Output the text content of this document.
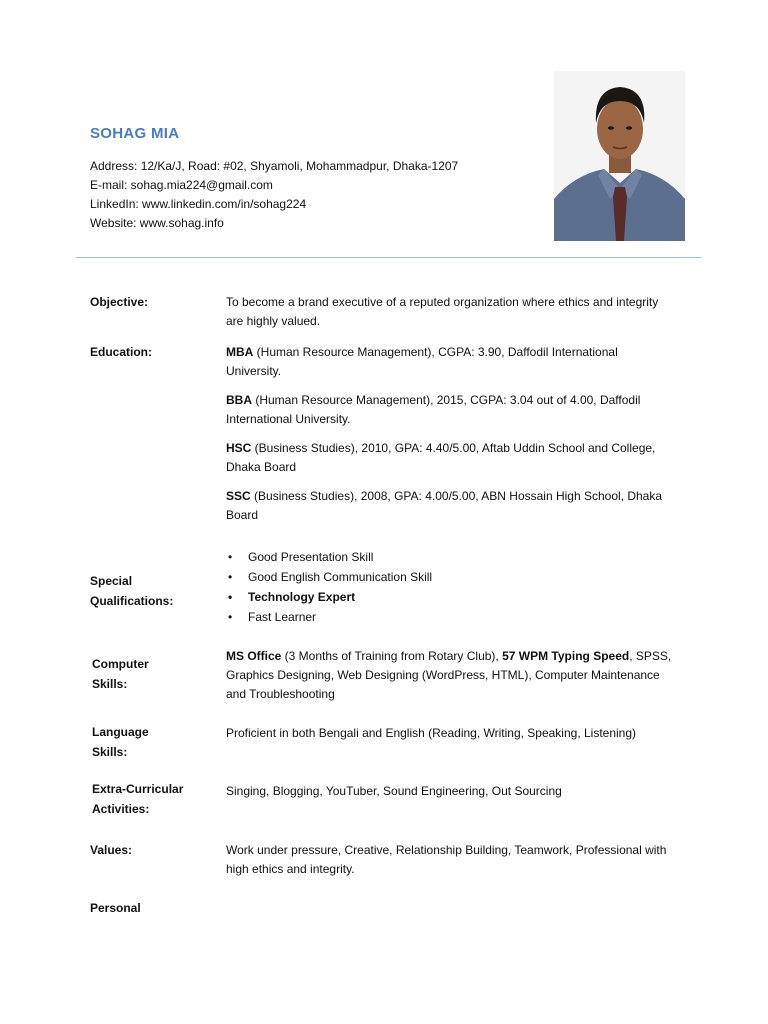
SOHAG MIA
Address: 12/Ka/J, Road: #02, Shyamoli, Mohammadpur, Dhaka-1207
E-mail: sohag.mia224@gmail.com
LinkedIn: www.linkedin.com/in/sohag224
Website: www.sohag.info
Objective:	To become a brand executive of a reputed organization where ethics and integrity are highly valued.

Education:	MBA (Human Resource Management), CGPA: 3.90, Daffodil International University.

BBA (Human Resource Management), 2015, CGPA: 3.04 out of 4.00, Daffodil International University.

HSC (Business Studies), 2010, GPA: 4.40/5.00, Aftab Uddin School and College, Dhaka Board

SSC (Business Studies), 2008, GPA: 4.00/5.00, ABN Hossain High School, Dhaka Board

Special
Qualifications:
• Good Presentation Skill
• Good English Communication Skill
• Technology Expert
• Fast Learner
Computer
Skills:

MS Office (3 Months of Training from Rotary Club), 57 WPM Typing Speed, SPSS, Graphics Designing, Web Designing (WordPress, HTML), Computer Maintenance and Troubleshooting

Language
Skills:

Proficient in both Bengali and English (Reading, Writing, Speaking, Listening)

Extra-Curricular
Activities:

Singing, Blogging, YouTuber, Sound Engineering, Out Sourcing

Values:	Work under pressure, Creative, Relationship Building, Teamwork, Professional with high ethics and integrity.

Personal
